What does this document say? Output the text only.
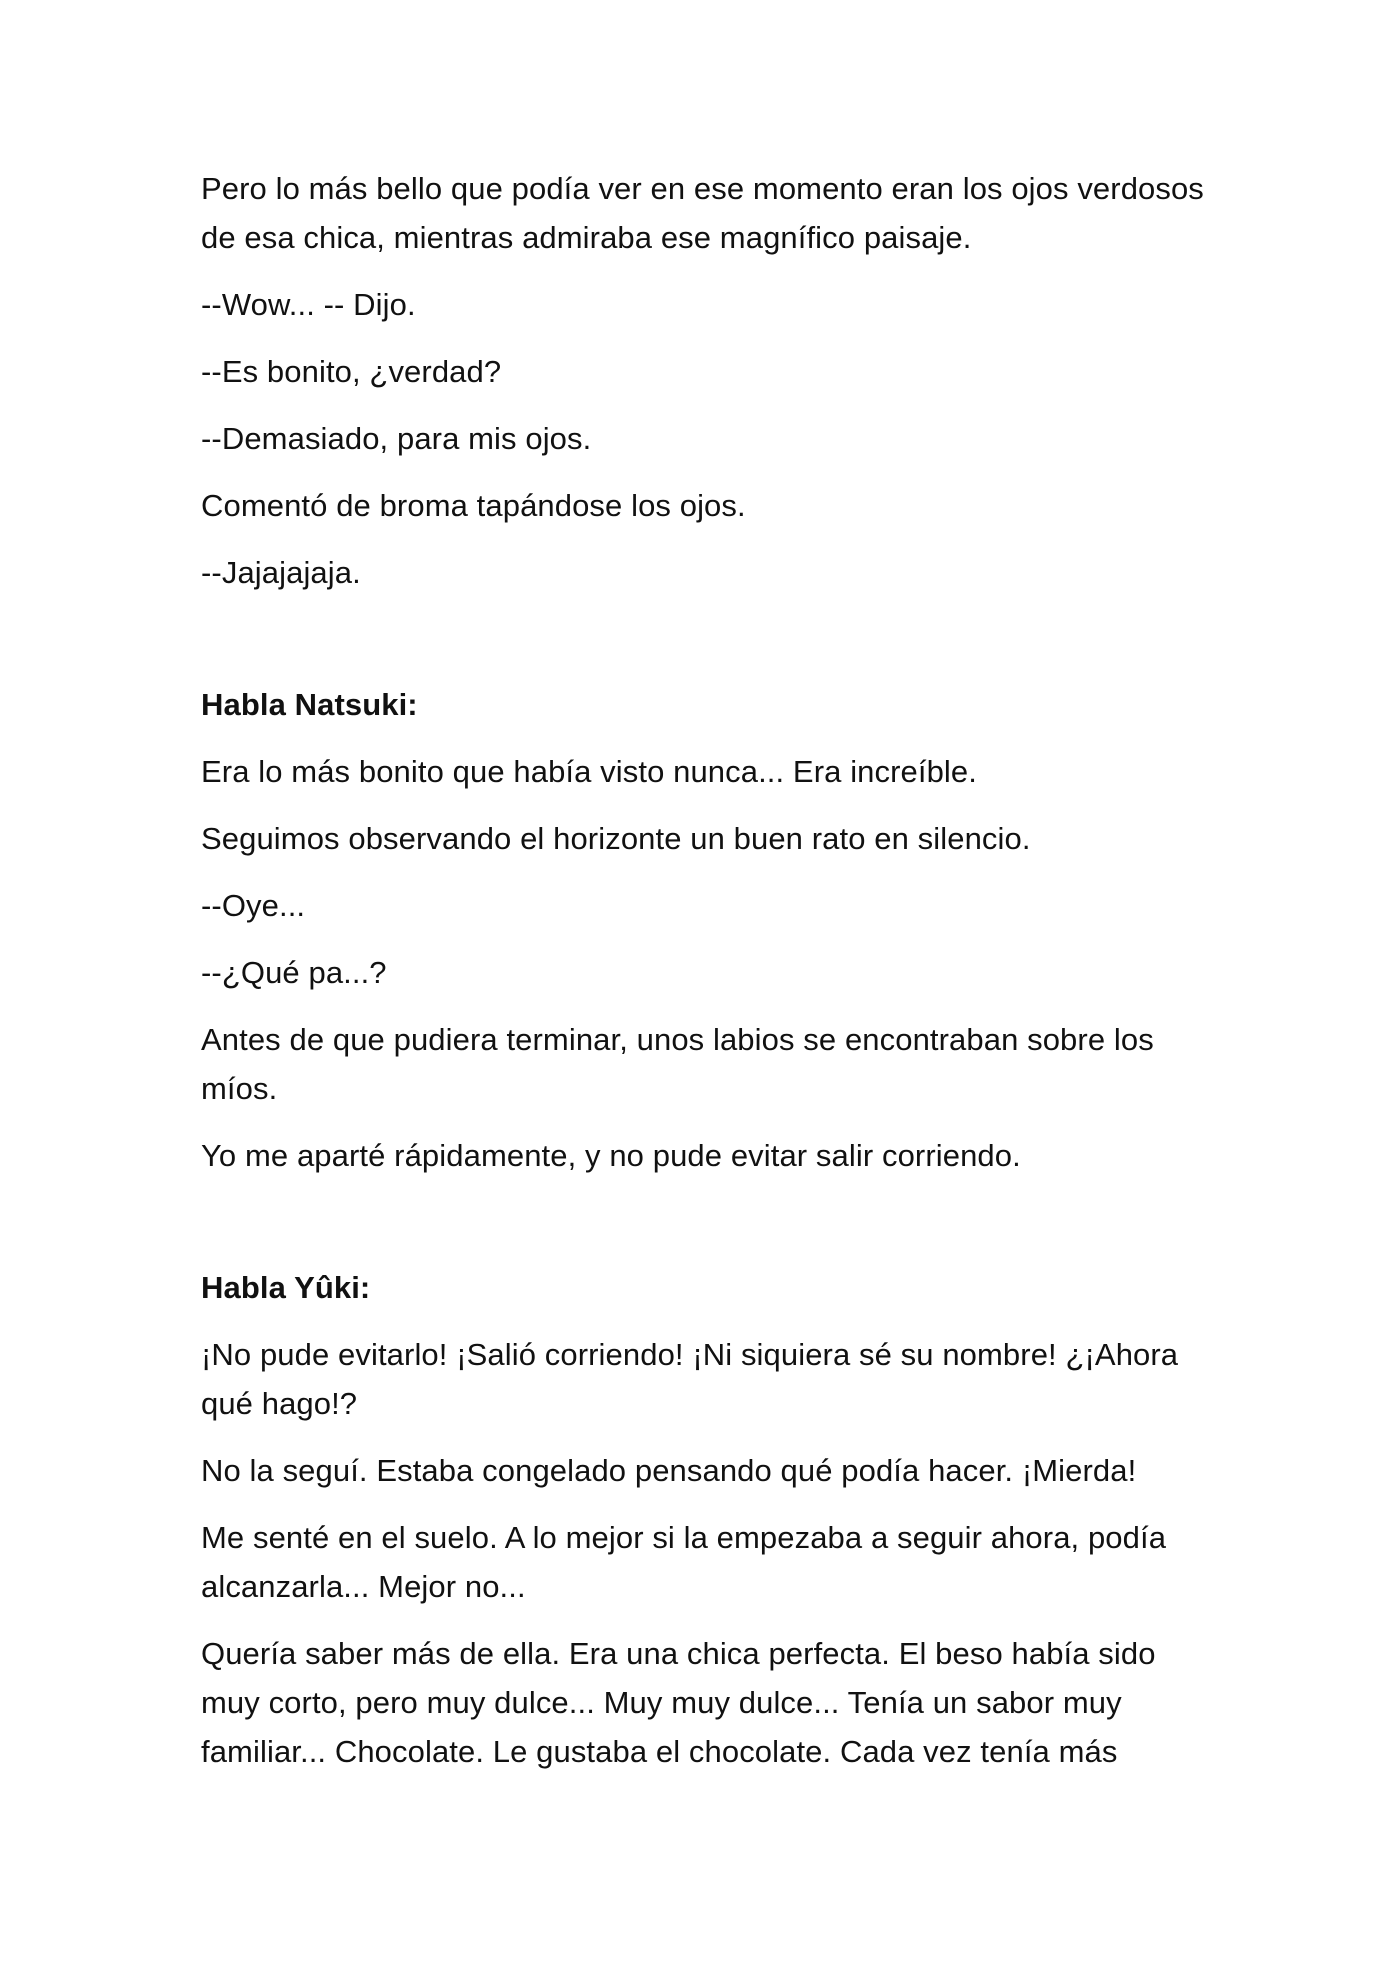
Pero lo más bello que podía ver en ese momento eran los ojos verdosos de esa chica, mientras admiraba ese magnífico paisaje.

--Wow... -- Dijo.

--Es bonito, ¿verdad?

--Demasiado, para mis ojos.

Comentó de broma tapándose los ojos.

--Jajajajaja.

Habla Natsuki:

Era lo más bonito que había visto nunca... Era increíble.

Seguimos observando el horizonte un buen rato en silencio.

--Oye...

--¿Qué pa...?

Antes de que pudiera terminar, unos labios se encontraban sobre los míos.

Yo me aparté rápidamente, y no pude evitar salir corriendo.

Habla Yûki:

¡No pude evitarlo! ¡Salió corriendo! ¡Ni siquiera sé su nombre! ¿¡Ahora qué hago!?

No la seguí. Estaba congelado pensando qué podía hacer. ¡Mierda!

Me senté en el suelo. A lo mejor si la empezaba a seguir ahora, podía alcanzarla... Mejor no...

Quería saber más de ella. Era una chica perfecta. El beso había sido muy corto, pero muy dulce... Muy muy dulce... Tenía un sabor muy familiar... Chocolate. Le gustaba el chocolate. Cada vez tenía más
